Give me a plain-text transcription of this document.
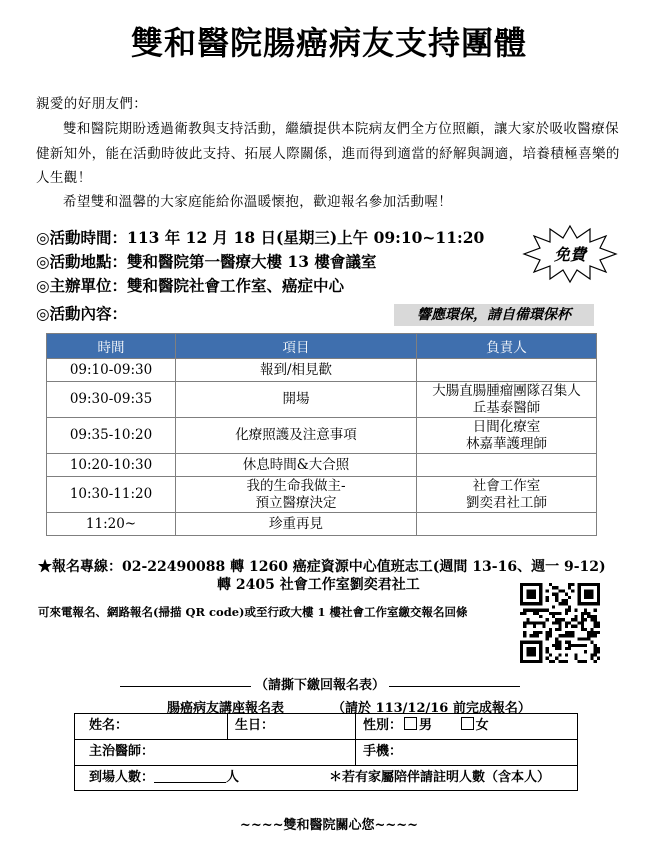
雙和醫院腸癌病友支持團體
親愛的好朋友們：
雙和醫院期盼透過衛教與支持活動，繼續提供本院病友們全方位照顧，讓大家於吸收醫療保健新知外，能在活動時彼此支持、拓展人際關係，進而得到適當的紓解與調適，培養積極喜樂的人生觀！
希望雙和溫馨的大家庭能給你溫暖懷抱，歡迎報名參加活動喔！
◎活動時間：113 年 12 月 18 日(星期三)上午 09:10~11:20
◎活動地點：雙和醫院第一醫療大樓 13 樓會議室
◎主辦單位：雙和醫院社會工作室、癌症中心
◎活動內容：
免費
響應環保，請自備環保杯
時間	項目	負責人
09:10-09:30	報到/相見歡	
09:30-09:35	開場	大腸直腸腫瘤團隊召集人
丘基泰醫師
09:35-10:20	化療照護及注意事項	日間化療室
林嘉華護理師
10:20-10:30	休息時間&大合照	
10:30-11:20	我的生命我做主-
預立醫療決定	社會工作室
劉奕君社工師
11:20~	珍重再見	
★報名專線：02-22490088 轉 1260 癌症資源中心值班志工(週間 13-16、週一 9-12)
轉 2405 社會工作室劉奕君社工
可來電報名、網路報名(掃描 QR code)或至行政大樓 1 樓社會工作室繳交報名回條
（請撕下繳回報名表）
腸癌病友講座報名表	（請於 113/12/16 前完成報名）
姓名：	生日：	性別： 男	女
主治醫師：	手機：
到場人數：	人	＊若有家屬陪伴請註明人數（含本人）
~~~~雙和醫院關心您~~~~
